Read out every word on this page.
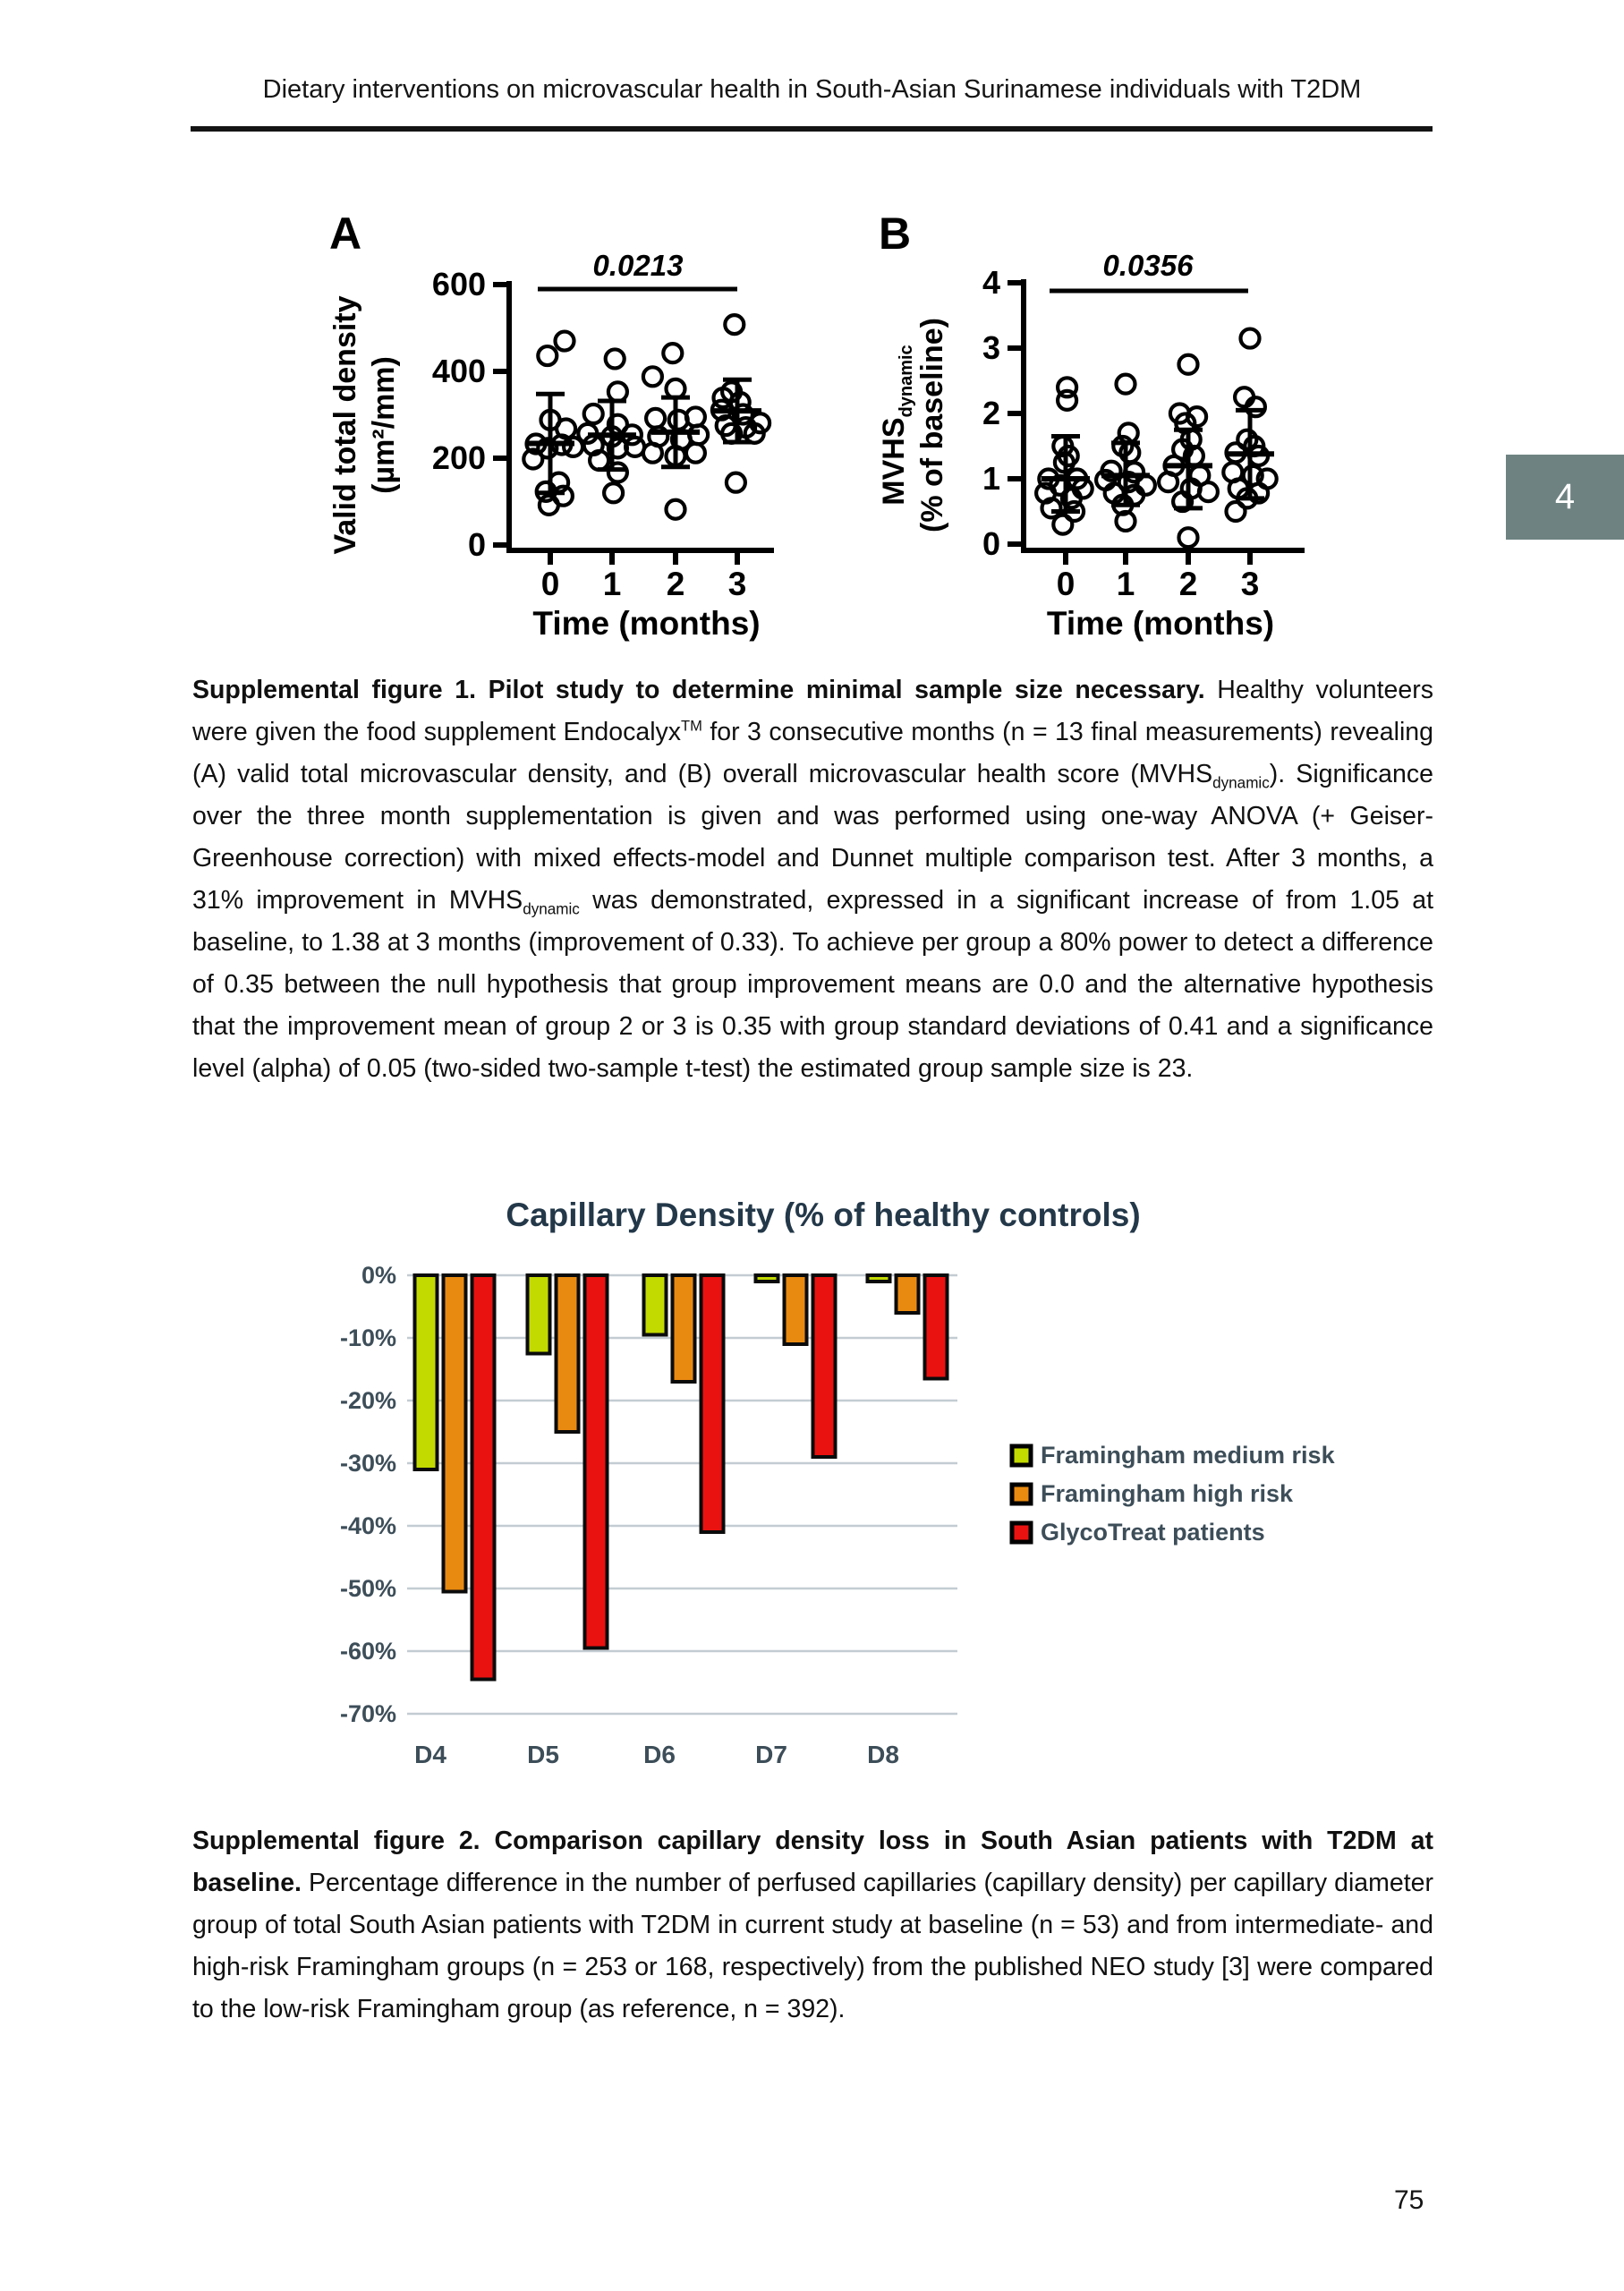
Dietary interventions on microvascular health in South-Asian Surinamese individuals with T2DM
A
Valid total density (µm²/mm)
0
200
400
600
0 1 2 3
Time (months)
0.0213
B
$MVHS_{dynamic}$ (% of baseline)
0
1
2
3
4
0 1 2 3
Time (months)
0.0356
4
Supplemental figure 1. Pilot study to determine minimal sample size necessary. Healthy volunteers were given the food supplement Endocalyx™ for 3 consecutive months (n = 13 final measurements) revealing (A) valid total microvascular density, and (B) overall microvascular health score $(MVHS_{dynamic})$. Significance over the three month supplementation is given and was performed using one-way ANOVA (+ Geiser-Greenhouse correction) with mixed effects-model and Dunnet multiple comparison test. After 3 months, a 31% improvement in $MVHS_{dynamic}$ was demonstrated, expressed in a significant increase of from 1.05 at baseline, to 1.38 at 3 months (improvement of 0.33). To achieve per group a 80% power to detect a difference of 0.35 between the null hypothesis that group improvement means are 0.0 and the alternative hypothesis that the improvement mean of group 2 or 3 is 0.35 with group standard deviations of 0.41 and a significance level (alpha) of 0.05 (two-sided two-sample t-test) the estimated group sample size is 23.
Capillary Density (% of healthy controls)
0%
-10%
-20%
-30%
-40%
-50%
-60%
-70%
D4	D5	D6	D7	D8
Framingham medium risk
Framingham high risk
GlycoTreat patients
Supplemental figure 2. Comparison capillary density loss in South Asian patients with T2DM at baseline. Percentage difference in the number of perfused capillaries (capillary density) per capillary diameter group of total South Asian patients with T2DM in current study at baseline (n = 53) and from intermediate- and high-risk Framingham groups (n = 253 or 168, respectively) from the published NEO study [3] were compared to the low-risk Framingham group (as reference, n = 392).
75
